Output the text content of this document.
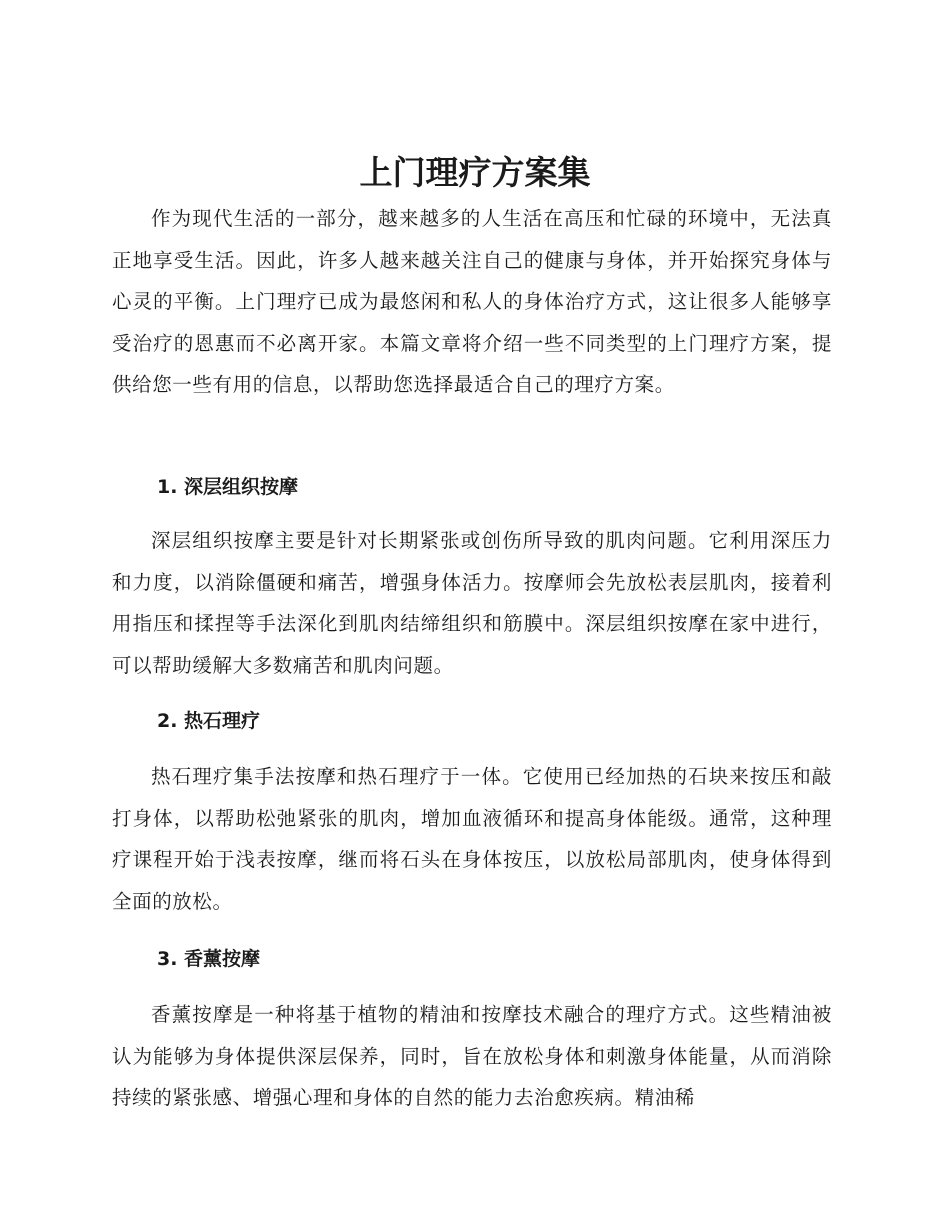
上门理疗方案集

作为现代生活的一部分，越来越多的人生活在高压和忙碌的环境中，无法真正地享受生活。因此，许多人越来越关注自己的健康与身体，并开始探究身体与心灵的平衡。上门理疗已成为最悠闲和私人的身体治疗方式，这让很多人能够享受治疗的恩惠而不必离开家。本篇文章将介绍一些不同类型的上门理疗方案，提供给您一些有用的信息，以帮助您选择最适合自己的理疗方案。

1. 深层组织按摩

深层组织按摩主要是针对长期紧张或创伤所导致的肌肉问题。它利用深压力和力度，以消除僵硬和痛苦，增强身体活力。按摩师会先放松表层肌肉，接着利用指压和揉捏等手法深化到肌肉结缔组织和筋膜中。深层组织按摩在家中进行，可以帮助缓解大多数痛苦和肌肉问题。

2. 热石理疗

热石理疗集手法按摩和热石理疗于一体。它使用已经加热的石块来按压和敲打身体，以帮助松弛紧张的肌肉，增加血液循环和提高身体能级。通常，这种理疗课程开始于浅表按摩，继而将石头在身体按压，以放松局部肌肉，使身体得到全面的放松。

3. 香薰按摩

香薰按摩是一种将基于植物的精油和按摩技术融合的理疗方式。这些精油被认为能够为身体提供深层保养，同时，旨在放松身体和刺激身体能量，从而消除持续的紧张感、增强心理和身体的自然的能力去治愈疾病。精油稀
